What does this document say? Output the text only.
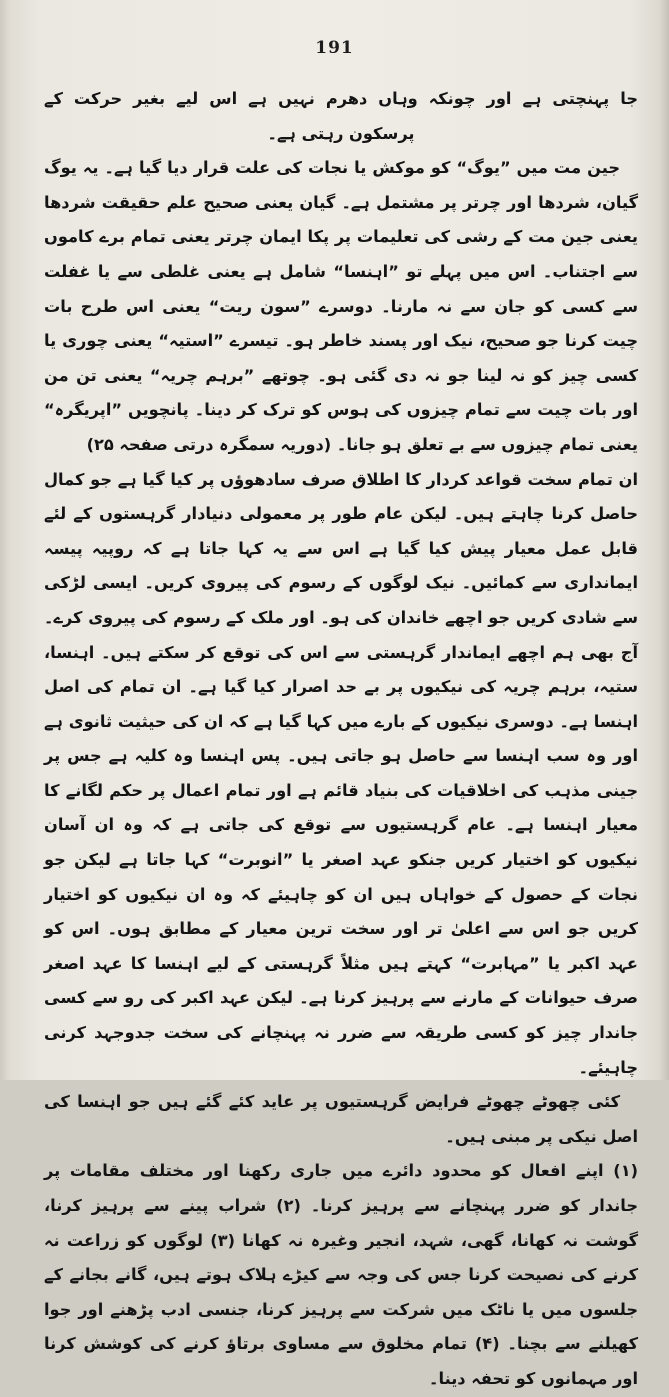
191

جا پہنچتی ہے اور چونکہ وہاں دھرم نہیں ہے اس لیے بغیر حرکت کے پرسکون رہتی ہے۔

جین مت میں ”یوگ“ کو موکش یا نجات کی علت قرار دیا گیا ہے۔ یہ یوگ گیان، شردھا اور چرتر پر مشتمل ہے۔ گیان یعنی صحیح علم حقیقت شردھا یعنی جین مت کے رشی کی تعلیمات پر پکا ایمان چرتر یعنی تمام برے کاموں سے اجتناب۔ اس میں پہلے تو ”اہنسا“ شامل ہے یعنی غلطی سے یا غفلت سے کسی کو جان سے نہ مارنا۔ دوسرے ”سون ریت“ یعنی اس طرح بات چیت کرنا جو صحیح، نیک اور پسند خاطر ہو۔ تیسرے ”استیہ“ یعنی چوری یا کسی چیز کو نہ لینا جو نہ دی گئی ہو۔ چوتھے ”برہم چریہ“ یعنی تن من اور بات چیت سے تمام چیزوں کی ہوس کو ترک کر دینا۔ پانچویں ”اپریگرہ“ یعنی تمام چیزوں سے بے تعلق ہو جانا۔ (دوریہ سمگرہ درتی صفحہ ۲۵)

ان تمام سخت قواعد کردار کا اطلاق صرف سادھوؤں پر کیا گیا ہے جو کمال حاصل کرنا چاہتے ہیں۔ لیکن عام طور پر معمولی دنیادار گرہستوں کے لئے قابل عمل معیار پیش کیا گیا ہے اس سے یہ کہا جاتا ہے کہ روپیہ پیسہ ایمانداری سے کمائیں۔ نیک لوگوں کے رسوم کی پیروی کریں۔ ایسی لڑکی سے شادی کریں جو اچھے خاندان کی ہو۔ اور ملک کے رسوم کی پیروی کرے۔ آج بھی ہم اچھے ایماندار گرہستی سے اس کی توقع کر سکتے ہیں۔ اہنسا، ستیہ، برہم چریہ کی نیکیوں پر بے حد اصرار کیا گیا ہے۔ ان تمام کی اصل اہنسا ہے۔ دوسری نیکیوں کے بارے میں کہا گیا ہے کہ ان کی حیثیت ثانوی ہے اور وہ سب اہنسا سے حاصل ہو جاتی ہیں۔ پس اہنسا وہ کلیہ ہے جس پر جینی مذہب کی اخلاقیات کی بنیاد قائم ہے اور تمام اعمال پر حکم لگانے کا معیار اہنسا ہے۔ عام گرہستیوں سے توقع کی جاتی ہے کہ وہ ان آسان نیکیوں کو اختیار کریں جنکو عہد اصغر یا ”انوبرت“ کہا جاتا ہے لیکن جو نجات کے حصول کے خواہاں ہیں ان کو چاہیئے کہ وہ ان نیکیوں کو اختیار کریں جو اس سے اعلیٰ تر اور سخت ترین معیار کے مطابق ہوں۔ اس کو عہد اکبر یا ”مہابرت“ کہتے ہیں مثلاً گرہستی کے لیے اہنسا کا عہد اصغر صرف حیوانات کے مارنے سے پرہیز کرنا ہے۔ لیکن عہد اکبر کی رو سے کسی جاندار چیز کو کسی طریقہ سے ضرر نہ پہنچانے کی سخت جدوجہد کرنی چاہیئے۔

کئی چھوٹے چھوٹے فرایض گرہستیوں پر عاید کئے گئے ہیں جو اہنسا کی اصل نیکی پر مبنی ہیں۔

(۱) اپنے افعال کو محدود دائرے میں جاری رکھنا اور مختلف مقامات پر جاندار کو ضرر پہنچانے سے پرہیز کرنا۔ (۲) شراب پینے سے پرہیز کرنا، گوشت نہ کھانا، گھی، شہد، انجیر وغیرہ نہ کھانا (۳) لوگوں کو زراعت نہ کرنے کی نصیحت کرنا جس کی وجہ سے کیڑے ہلاک ہوتے ہیں، گانے بجانے کے جلسوں میں یا ناٹک میں شرکت سے پرہیز کرنا، جنسی ادب پڑھنے اور جوا کھیلنے سے بچنا۔ (۴) تمام مخلوق سے مساوی برتاؤ کرنے کی کوشش کرنا اور مہمانوں کو تحفہ دینا۔
